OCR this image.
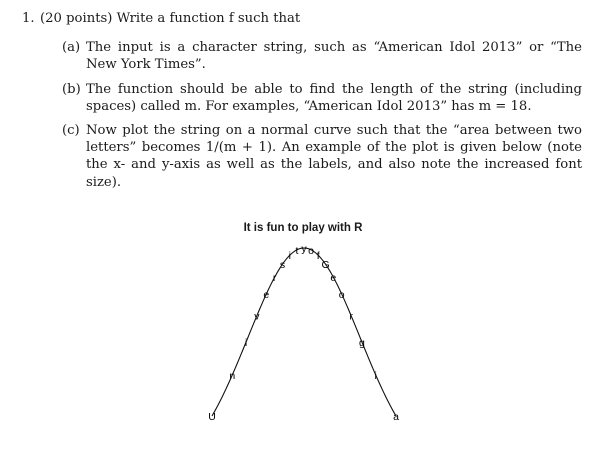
1. (20 points) Write a function f such that
(a) The input is a character string, such as “American Idol 2013” or “The New York Times”.
(b) The function should be able to find the length of the string (including spaces) called m. For examples, “American Idol 2013” has m = 18.
(c) Now plot the string on a normal curve such that the “area between two letters” becomes 1/(m + 1). An example of the plot is given below (note the x- and y-axis as well as the labels, and also note the increased font size).
It is fun to play with R
U
n
i
v
e
r
s
i t y o f
G
e
o
r
g
i
a
